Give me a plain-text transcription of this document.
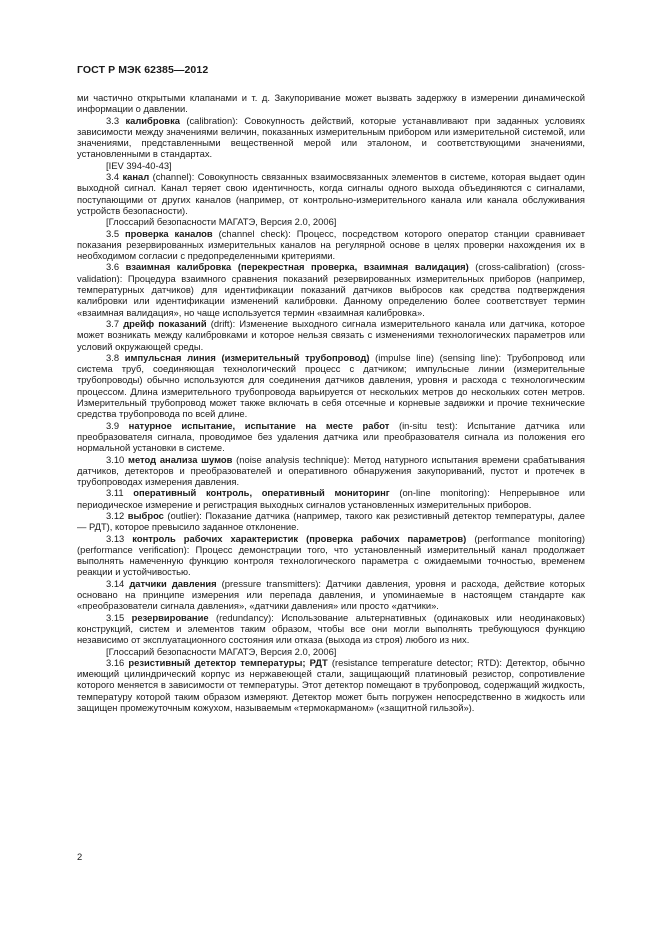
ГОСТ Р МЭК 62385—2012

ми частично открытыми клапанами и т. д. Закупоривание может вызвать задержку в измерении динамической информации о давлении.

3.3 калибровка (calibration): Совокупность действий, которые устанавливают при заданных условиях зависимости между значениями величин, показанных измерительным прибором или измерительной системой, или значениями, представленными вещественной мерой или эталоном, и соответствующими значениями, установленными в стандартах.

[IEV 394-40-43]

3.4 канал (channel): Совокупность связанных взаимосвязанных элементов в системе, которая выдает один выходной сигнал. Канал теряет свою идентичность, когда сигналы одного выхода объединяются с сигналами, поступающими от других каналов (например, от контрольно-измерительного канала или канала обслуживания устройств безопасности).

[Глоссарий безопасности МАГАТЭ, Версия 2.0, 2006]

3.5 проверка каналов (channel check): Процесс, посредством которого оператор станции сравнивает показания резервированных измерительных каналов на регулярной основе в целях проверки нахождения их в необходимом согласии с предопределенными критериями.

3.6 взаимная калибровка (перекрестная проверка, взаимная валидация) (cross-calibration) (cross-validation): Процедура взаимного сравнения показаний резервированных измерительных приборов (например, температурных датчиков) для идентификации показаний датчиков выбросов как средства подтверждения калибровки или идентификации изменений калибровки. Данному определению более соответствует термин «взаимная валидация», но чаще используется термин «взаимная калибровка».

3.7 дрейф показаний (drift): Изменение выходного сигнала измерительного канала или датчика, которое может возникать между калибровками и которое нельзя связать с изменениями технологических параметров или условий окружающей среды.

3.8 импульсная линия (измерительный трубопровод) (impulse line) (sensing line): Трубопровод или система труб, соединяющая технологический процесс с датчиком; импульсные линии (измерительные трубопроводы) обычно используются для соединения датчиков давления, уровня и расхода с технологическим процессом. Длина измерительного трубопровода варьируется от нескольких метров до нескольких сотен метров. Измерительный трубопровод может также включать в себя отсечные и корневые задвижки и прочие технические средства трубопровода по всей длине.

3.9 натурное испытание, испытание на месте работ (in-situ test): Испытание датчика или преобразователя сигнала, проводимое без удаления датчика или преобразователя сигнала из положения его нормальной установки в системе.

3.10 метод анализа шумов (noise analysis technique): Метод натурного испытания времени срабатывания датчиков, детекторов и преобразователей и оперативного обнаружения закупориваний, пустот и протечек в трубопроводах измерения давления.

3.11 оперативный контроль, оперативный мониторинг (on-line monitoring): Непрерывное или периодическое измерение и регистрация выходных сигналов установленных измерительных приборов.

3.12 выброс (outlier): Показание датчика (например, такого как резистивный детектор температуры, далее — РДТ), которое превысило заданное отклонение.

3.13 контроль рабочих характеристик (проверка рабочих параметров) (performance monitoring)(performance verification): Процесс демонстрации того, что установленный измерительный канал продолжает выполнять намеченную функцию контроля технологического параметра с ожидаемыми точностью, временем реакции и устойчивостью.

3.14 датчики давления (pressure transmitters): Датчики давления, уровня и расхода, действие которых основано на принципе измерения или перепада давления, и упоминаемые в настоящем стандарте как «преобразователи сигнала давления», «датчики давления» или просто «датчики».

3.15 резервирование (redundancy): Использование альтернативных (одинаковых или неодинаковых) конструкций, систем и элементов таким образом, чтобы все они могли выполнять требующуюся функцию независимо от эксплуатационного состояния или отказа (выхода из строя) любого из них.

[Глоссарий безопасности МАГАТЭ, Версия 2.0, 2006]

3.16 резистивный детектор температуры; РДТ (resistance temperature detector; RTD): Детектор, обычно имеющий цилиндрический корпус из нержавеющей стали, защищающий платиновый резистор, сопротивление которого меняется в зависимости от температуры. Этот детектор помещают в трубопровод, содержащий жидкость, температуру которой таким образом измеряют. Детектор может быть погружен непосредственно в жидкость или защищен промежуточным кожухом, называемым «термокарманом» («защитной гильзой»).

2
